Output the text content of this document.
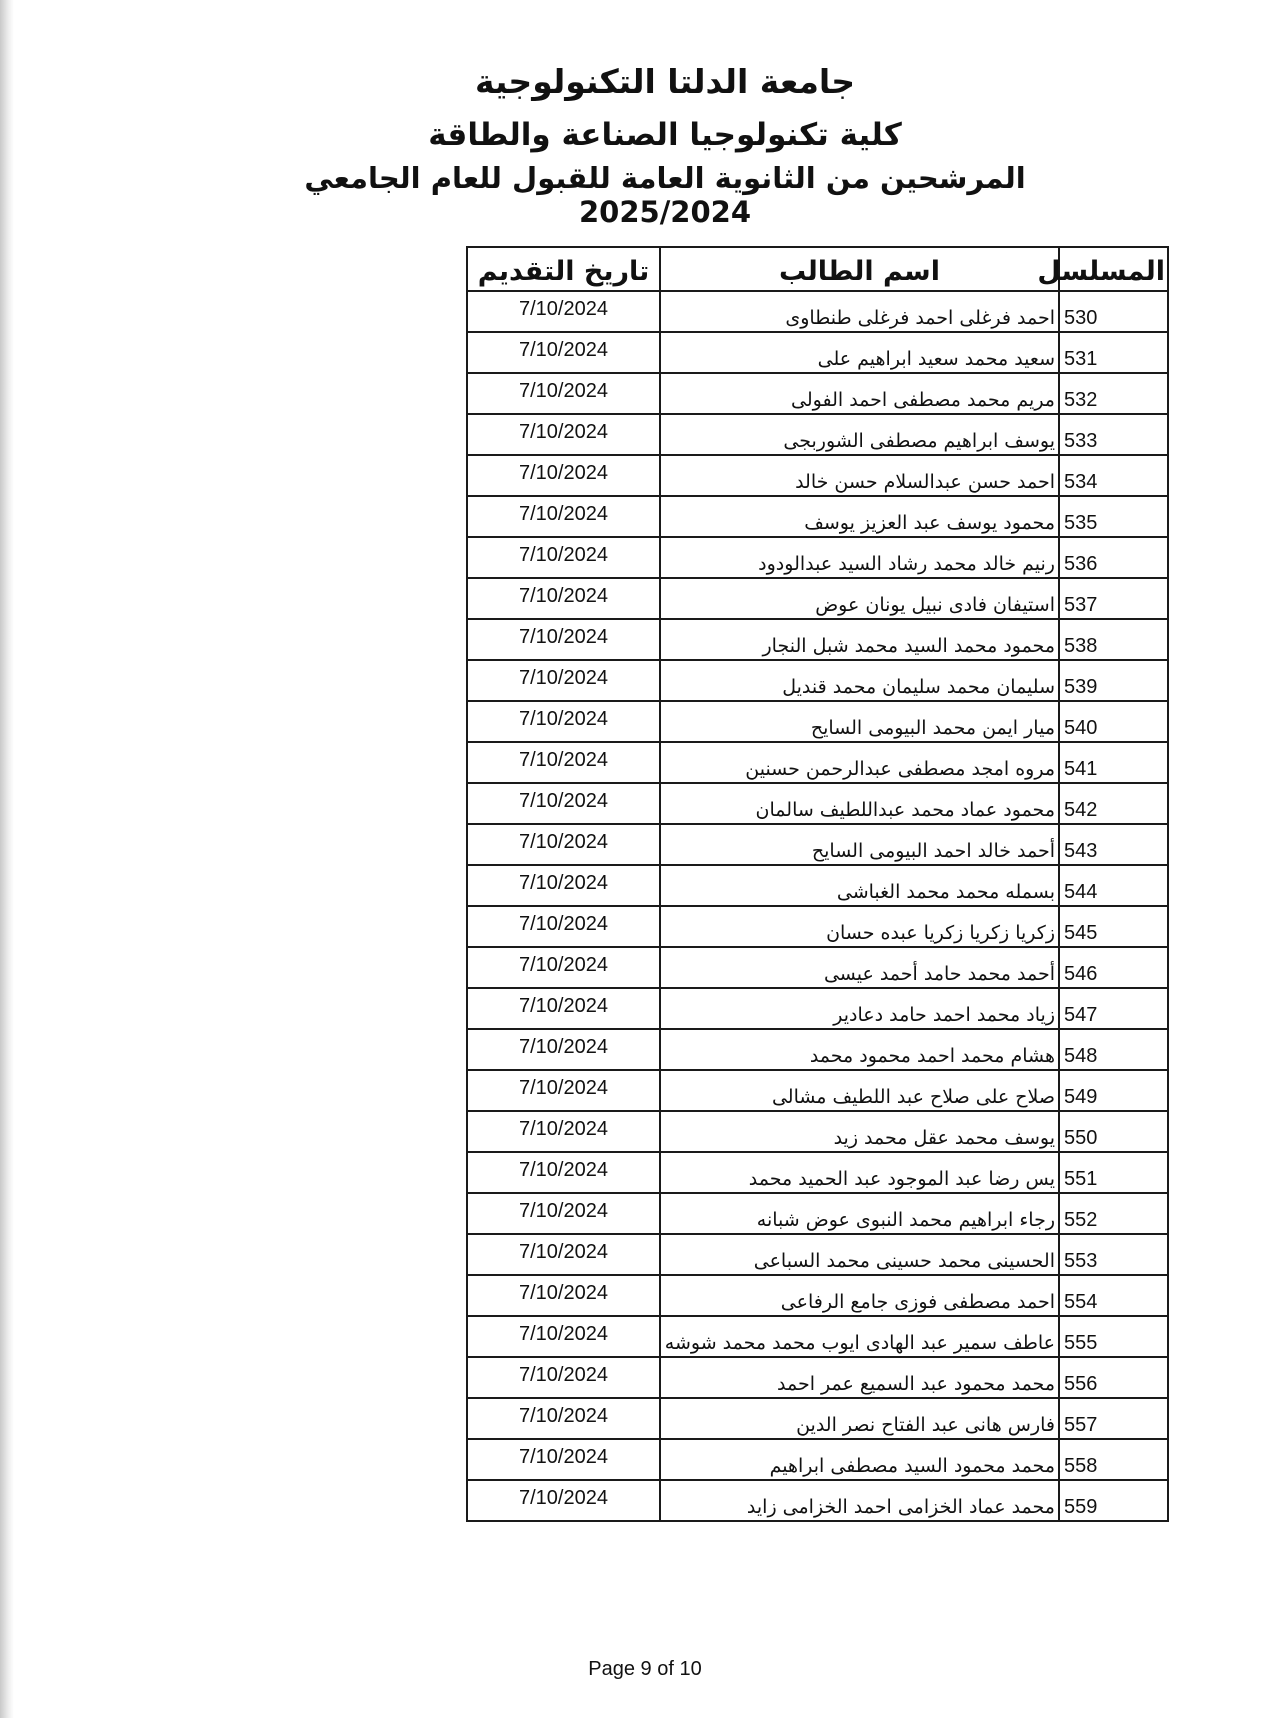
جامعة الدلتا التكنولوجية
كلية تكنولوجيا الصناعة والطاقة
المرشحين من الثانوية العامة للقبول للعام الجامعي 2025/2024
المسلسل	اسم الطالب	تاريخ التقديم
530	احمد فرغلى احمد فرغلى طنطاوى	7/10/2024
531	سعيد محمد سعيد ابراهيم على	7/10/2024
532	مريم محمد مصطفى احمد الفولى	7/10/2024
533	يوسف ابراهيم مصطفى الشوربجى	7/10/2024
534	احمد حسن عبدالسلام حسن خالد	7/10/2024
535	محمود يوسف عبد العزيز يوسف	7/10/2024
536	رنيم خالد محمد رشاد السيد عبدالودود	7/10/2024
537	استيفان فادى نبيل يونان عوض	7/10/2024
538	محمود محمد السيد محمد شبل النجار	7/10/2024
539	سليمان محمد سليمان محمد قنديل	7/10/2024
540	ميار ايمن محمد البيومى السايح	7/10/2024
541	مروه امجد مصطفى عبدالرحمن حسنين	7/10/2024
542	محمود عماد محمد عبداللطيف سالمان	7/10/2024
543	أحمد خالد احمد البيومى السايح	7/10/2024
544	بسمله محمد محمد الغباشى	7/10/2024
545	زكريا زكريا زكريا عبده حسان	7/10/2024
546	أحمد محمد حامد أحمد عيسى	7/10/2024
547	زياد محمد احمد حامد دعادير	7/10/2024
548	هشام محمد احمد محمود محمد	7/10/2024
549	صلاح على صلاح عبد اللطيف مشالى	7/10/2024
550	يوسف محمد عقل محمد زيد	7/10/2024
551	يس رضا عبد الموجود عبد الحميد محمد	7/10/2024
552	رجاء ابراهيم محمد النبوى عوض شبانه	7/10/2024
553	الحسينى محمد حسينى محمد السباعى	7/10/2024
554	احمد مصطفى فوزى جامع الرفاعى	7/10/2024
555	عاطف سمير عبد الهادى ايوب محمد محمد شوشه	7/10/2024
556	محمد محمود عبد السميع عمر احمد	7/10/2024
557	فارس هانى عبد الفتاح نصر الدين	7/10/2024
558	محمد محمود السيد مصطفى ابراهيم	7/10/2024
559	محمد عماد الخزامى احمد الخزامى زايد	7/10/2024
Page 9 of 10
